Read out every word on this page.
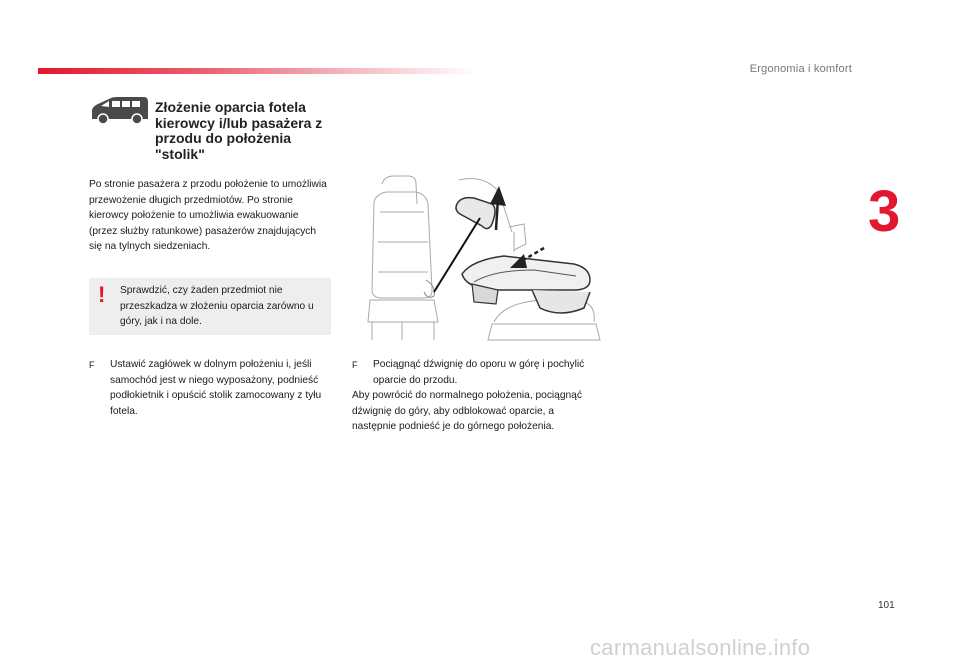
Ergonomia i komfort
3
Złożenie oparcia fotela kierowcy i/lub pasażera z przodu do położenia "stolik"
Po stronie pasażera z przodu położenie to umożliwia przewożenie długich przedmiotów. Po stronie kierowcy położenie to umożliwia ewakuowanie (przez służby ratunkowe) pasażerów znajdujących się na tylnych siedzeniach.
! Sprawdzić, czy żaden przedmiot nie przeszkadza w złożeniu oparcia zarówno u góry, jak i na dole.
F	Ustawić zagłówek w dolnym położeniu i, jeśli samochód jest w niego wyposażony, podnieść podłokietnik i opuścić stolik zamocowany z tyłu fotela.
F	Pociągnąć dźwignię do oporu w górę i pochylić oparcie do przodu.
Aby powrócić do normalnego położenia, pociągnąć dźwignię do góry, aby odblokować oparcie, a następnie podnieść je do górnego położenia.
101
carmanualsonline.info
